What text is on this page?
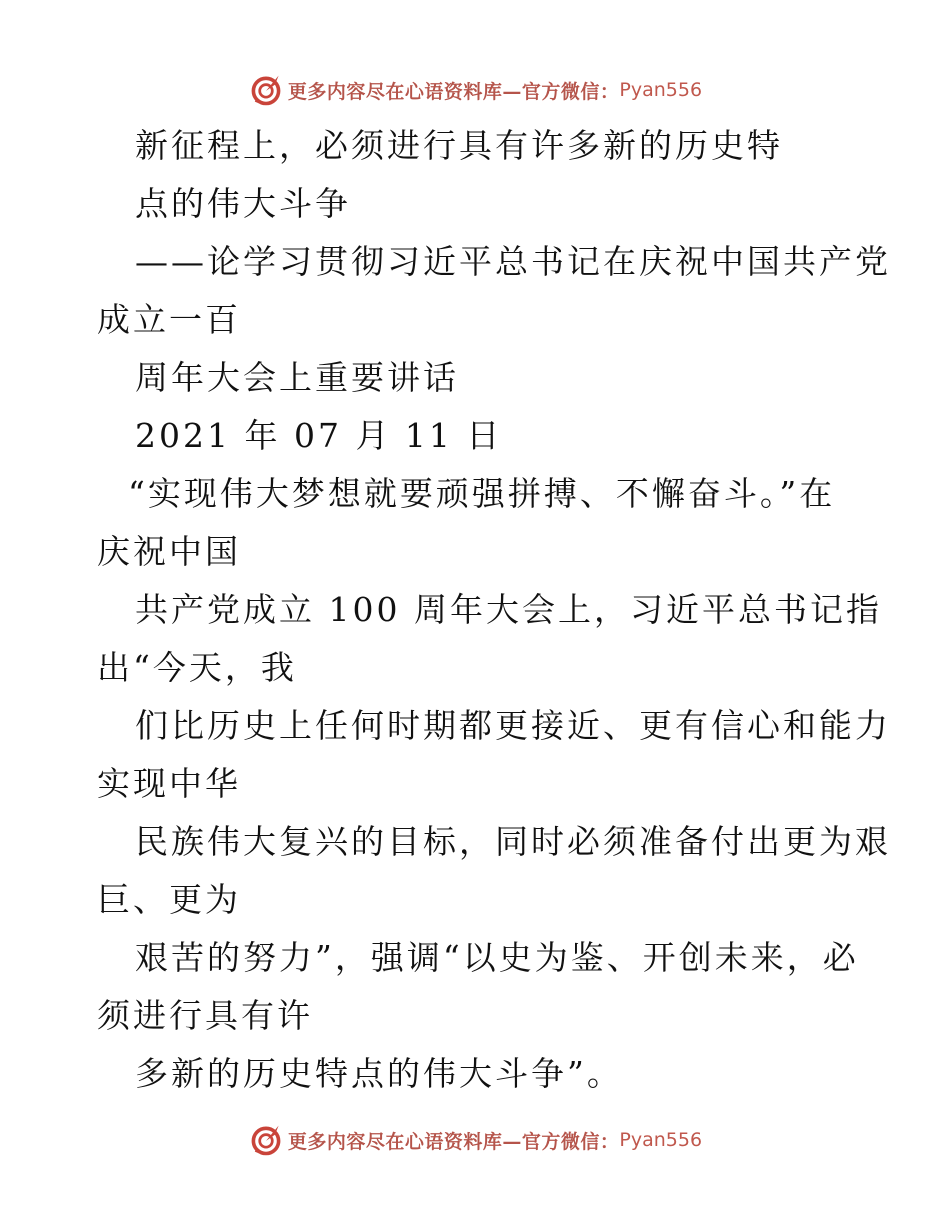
更多内容尽在心语资料库—官方微信： Pyan556
新征程上，必须进行具有许多新的历史特
点的伟大斗争
——论学习贯彻习近平总书记在庆祝中国共产党
成立一百
周年大会上重要讲话
2021 年 07 月 11 日
“实现伟大梦想就要顽强拼搏、不懈奋斗。”在
庆祝中国
共产党成立 100 周年大会上，习近平总书记指
出“今天，我
们比历史上任何时期都更接近、更有信心和能力
实现中华
民族伟大复兴的目标，同时必须准备付出更为艰
巨、更为
艰苦的努力”，强调“以史为鉴、开创未来，必
须进行具有许
多新的历史特点的伟大斗争”。
更多内容尽在心语资料库—官方微信： Pyan556
